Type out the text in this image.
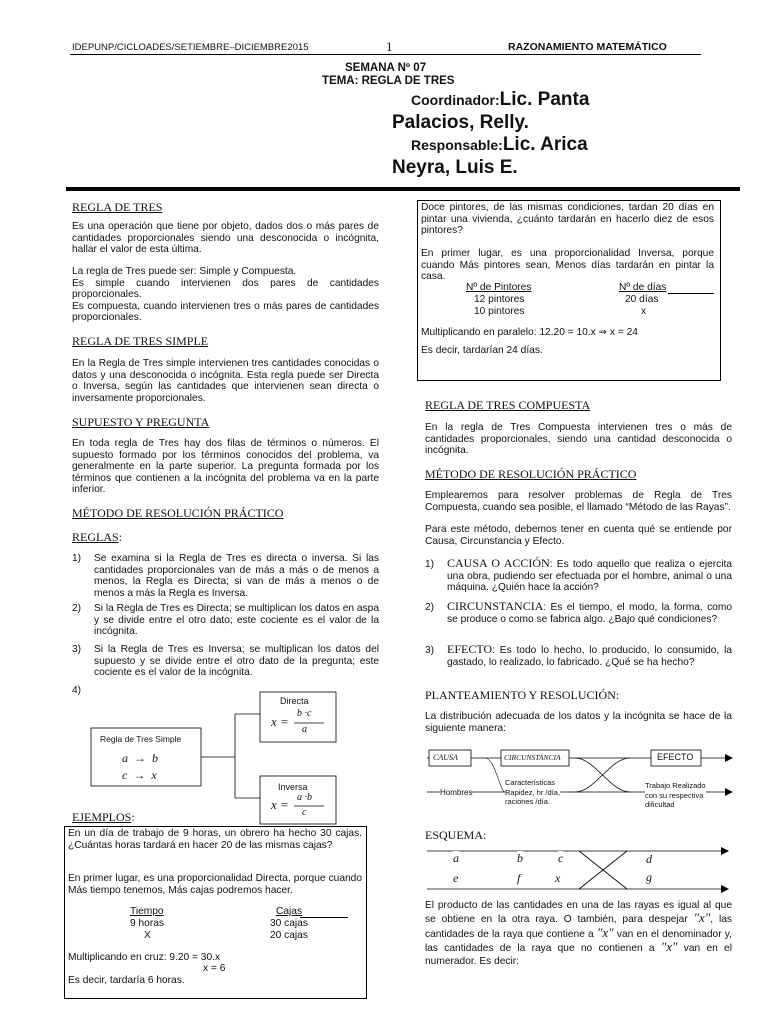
IDEPUNP/CICLOADES/SETIEMBRE–DICIEMBRE2015	1	RAZONAMIENTO MATEMÁTICO
SEMANA Nº 07
TEMA: REGLA DE TRES
Coordinador:Lic. Panta
Palacios, Relly.
Responsable:Lic. Arica
Neyra, Luis E.
REGLA DE TRES
Es una operación que tiene por objeto, dados dos o más pares de cantidades proporcionales siendo una desconocida o incógnita, hallar el valor de esta última.
La regla de Tres puede ser: Simple y Compuesta.
Es simple cuando intervienen dos pares de cantidades proporcionales.
Es compuesta, cuando intervienen tres o más pares de cantidades proporcionales.
REGLA DE TRES SIMPLE
En la Regla de Tres simple intervienen tres cantidades conocidas o datos y una desconocida o incógnita. Esta regla puede ser Directa o Inversa, según las cantidades que intervienen sean directa o inversamente proporcionales.
SUPUESTO Y PREGUNTA
En toda regla de Tres hay dos filas de términos o números. El supuesto formado por los términos conocidos del problema, va generalmente en la parte superior. La pregunta formada por los términos que contienen a la incógnita del problema va en la parte inferior.
MÉTODO DE RESOLUCIÓN PRÁCTICO
REGLAS:
1) Se examina si la Regla de Tres es directa o inversa. Si las cantidades proporcionales van de más a más o de menos a menos, la Regla es Directa; si van de más a menos o de menos a más la Regla es Inversa.
2) Si la Regla de Tres es Directa; se multiplican los datos en aspa y se divide entre el otro dato; este cociente es el valor de la incógnita.
3) Si la Regla de Tres es Inversa; se multiplican los datos del supuesto y se divide entre el otro dato de la pregunta; este cociente es el valor de la incógnita.
4)
Regla de Tres Simple
a  →  b
c  →  x
Directa
x =
b ·c
a
Inversa
x = a ·b
c
EJEMPLOS:
En un día de trabajo de 9 horas, un obrero ha hecho 30 cajas. ¿Cuántas horas tardará en hacer 20 de las mismas cajas?
En primer lugar, es una proporcionalidad Directa, porque cuando Más tiempo tenemos, Más cajas podremos hacer.
Tiempo	Cajas
9 horas	30 cajas
X	20 cajas
Multiplicando en cruz: 9.20 = 30.x
x = 6
Es decir, tardaría 6 horas.
Doce pintores, de las mismas condiciones, tardan 20 días en pintar una vivienda, ¿cuánto tardarán en hacerlo diez de esos pintores?
En primer lugar, es una proporcionalidad Inversa, porque cuando Más pintores sean, Menos días tardarán en pintar la casa.
Nº de Pintores	Nº de días
12 pintores	20 días
10 pintores	x
Multiplicando en paralelo: 12.20 = 10.x ⇒ x = 24
Es decir, tardarían 24 días.
REGLA DE TRES COMPUESTA
En la regla de Tres Compuesta intervienen tres o más de cantidades proporcionales, siendo una cantidad desconocida o incógnita.
MÉTODO DE RESOLUCIÓN PRÁCTICO
Emplearemos para resolver problemas de Regla de Tres Compuesta, cuando sea posible, el llamado “Método de las Rayas”.
Para este método, debemos tener en cuenta qué se entiende por Causa, Circunstancia y Efecto.
1) CAUSA O ACCIÓN: Es todo aquello que realiza o ejercita una obra, pudiendo ser efectuada por el hombre, animal o una máquina. ¿Quién hace la acción?
2) CIRCUNSTANCIA: Es el tiempo, el modo, la forma, como se produce o como se fabrica algo. ¿Bajo qué condiciones?
3) EFECTO: Es todo lo hecho, lo producido, lo consumido, la gastado, lo realizado, lo fabricado. ¿Qué se ha hecho?
PLANTEAMIENTO Y RESOLUCIÓN:
La distribución adecuada de los datos y la incógnita se hace de la siguiente manera:
CAUSA	CIRCUNSTANCIA	EFECTO
Hombres
Características
Rapidez, hr /día,
raciones /día.
Trabajo Realizado
con su respectiva
dificultad
ESQUEMA:
a	b	c	d
e	f	x	g
El producto de las cantidades en una de las rayas es igual al que se obtiene en la otra raya. O también, para despejar "x", las cantidades de la raya que contiene a "x" van en el denominador y, las cantidades de la raya que no contienen a "x" van en el numerador. Es decir:
